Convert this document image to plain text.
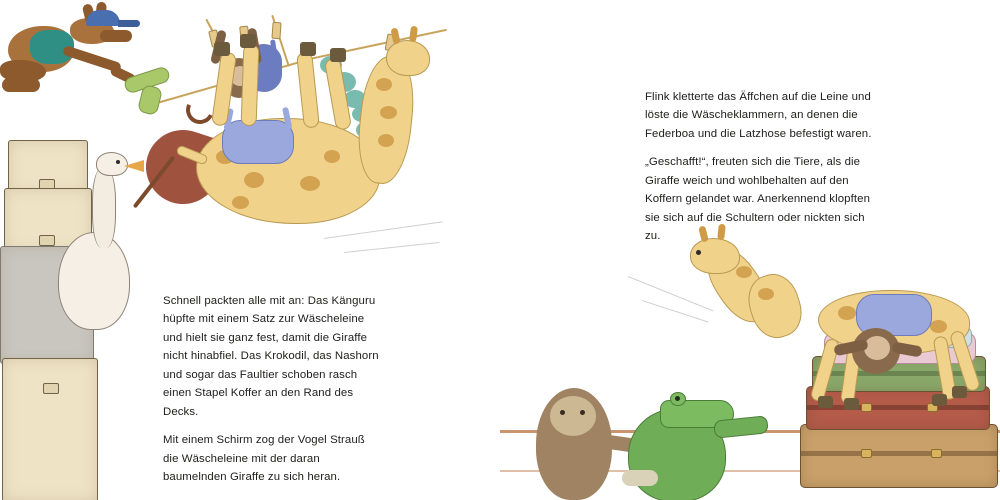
Schnell packten alle mit an: Das Känguru hüpfte mit einem Satz zur Wäscheleine und hielt sie ganz fest, damit die Giraffe nicht hinabfiel. Das Krokodil, das Nashorn und sogar das Faultier schoben rasch einen Stapel Koffer an den Rand des Decks.

Mit einem Schirm zog der Vogel Strauß die Wäscheleine mit der daran baumelnden Giraffe zu sich heran.

Flink kletterte das Äffchen auf die Leine und löste die Wäscheklammern, an denen die Federboa und die Latzhose befestigt waren.

„Geschafft!“, freuten sich die Tiere, als die Giraffe weich und wohlbehalten auf den Koffern gelandet war. Anerkennend klopften sie sich auf die Schultern oder nickten sich zu.
